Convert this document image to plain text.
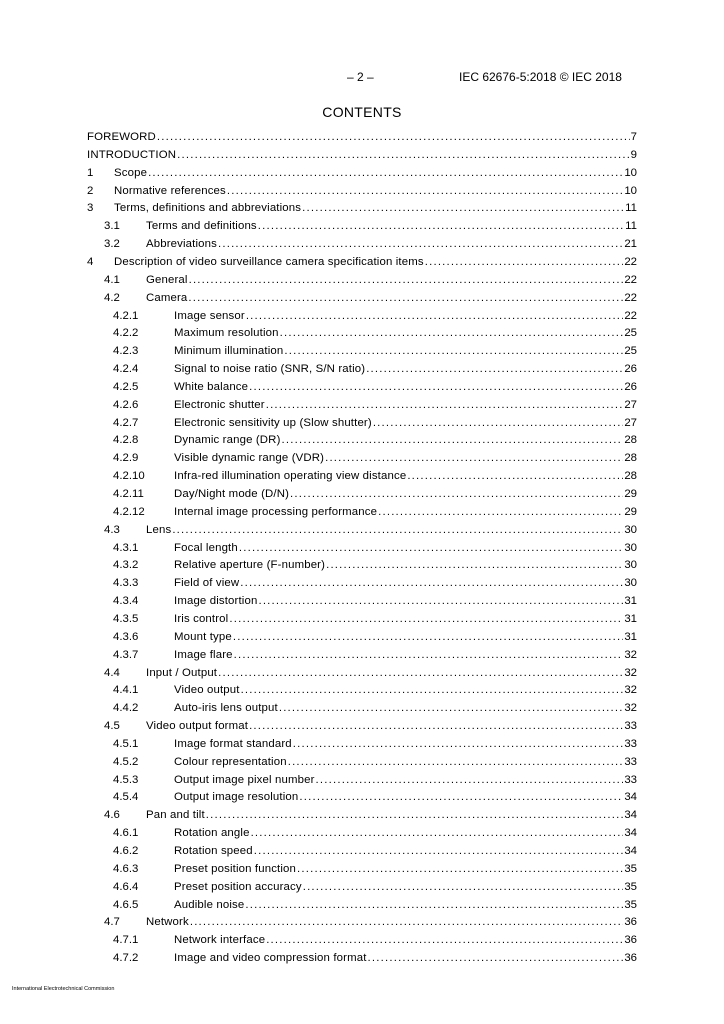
– 2 –	IEC 62676-5:2018 © IEC 2018
CONTENTS
FOREWORD .....	7
INTRODUCTION .....	9
1 Scope .....	10
2 Normative references .....	10
3 Terms, definitions and abbreviations .....	11
3.1 Terms and definitions .....	11
3.2 Abbreviations .....	21
4 Description of video surveillance camera specification items .....	22
4.1 General .....	22
4.2 Camera .....	22
4.2.1	Image sensor .....	22
4.2.2	Maximum resolution .....	25
4.2.3	Minimum illumination .....	25
4.2.4	Signal to noise ratio (SNR, S/N ratio) .....	26
4.2.5	White balance .....	26
4.2.6	Electronic shutter .....	27
4.2.7	Electronic sensitivity up (Slow shutter) .....	27
4.2.8	Dynamic range (DR) .....	28
4.2.9	Visible dynamic range (VDR) .....	28
4.2.10	Infra-red illumination operating view distance .....	28
4.2.11	Day/Night mode (D/N) .....	29
4.2.12	Internal image processing performance .....	29
4.3 Lens .....	30
4.3.1	Focal length .....	30
4.3.2	Relative aperture (F-number) .....	30
4.3.3	Field of view .....	30
4.3.4	Image distortion .....	31
4.3.5	Iris control .....	31
4.3.6	Mount type .....	31
4.3.7	Image flare .....	32
4.4 Input / Output .....	32
4.4.1	Video output .....	32
4.4.2	Auto-iris lens output .....	32
4.5 Video output format .....	33
4.5.1	Image format standard .....	33
4.5.2	Colour representation .....	33
4.5.3	Output image pixel number .....	33
4.5.4	Output image resolution .....	34
4.6 Pan and tilt .....	34
4.6.1	Rotation angle .....	34
4.6.2	Rotation speed .....	34
4.6.3	Preset position function .....	35
4.6.4	Preset position accuracy .....	35
4.6.5	Audible noise .....	35
4.7 Network .....	36
4.7.1	Network interface .....	36
4.7.2	Image and video compression format .....	36
International Electrotechnical Commission
